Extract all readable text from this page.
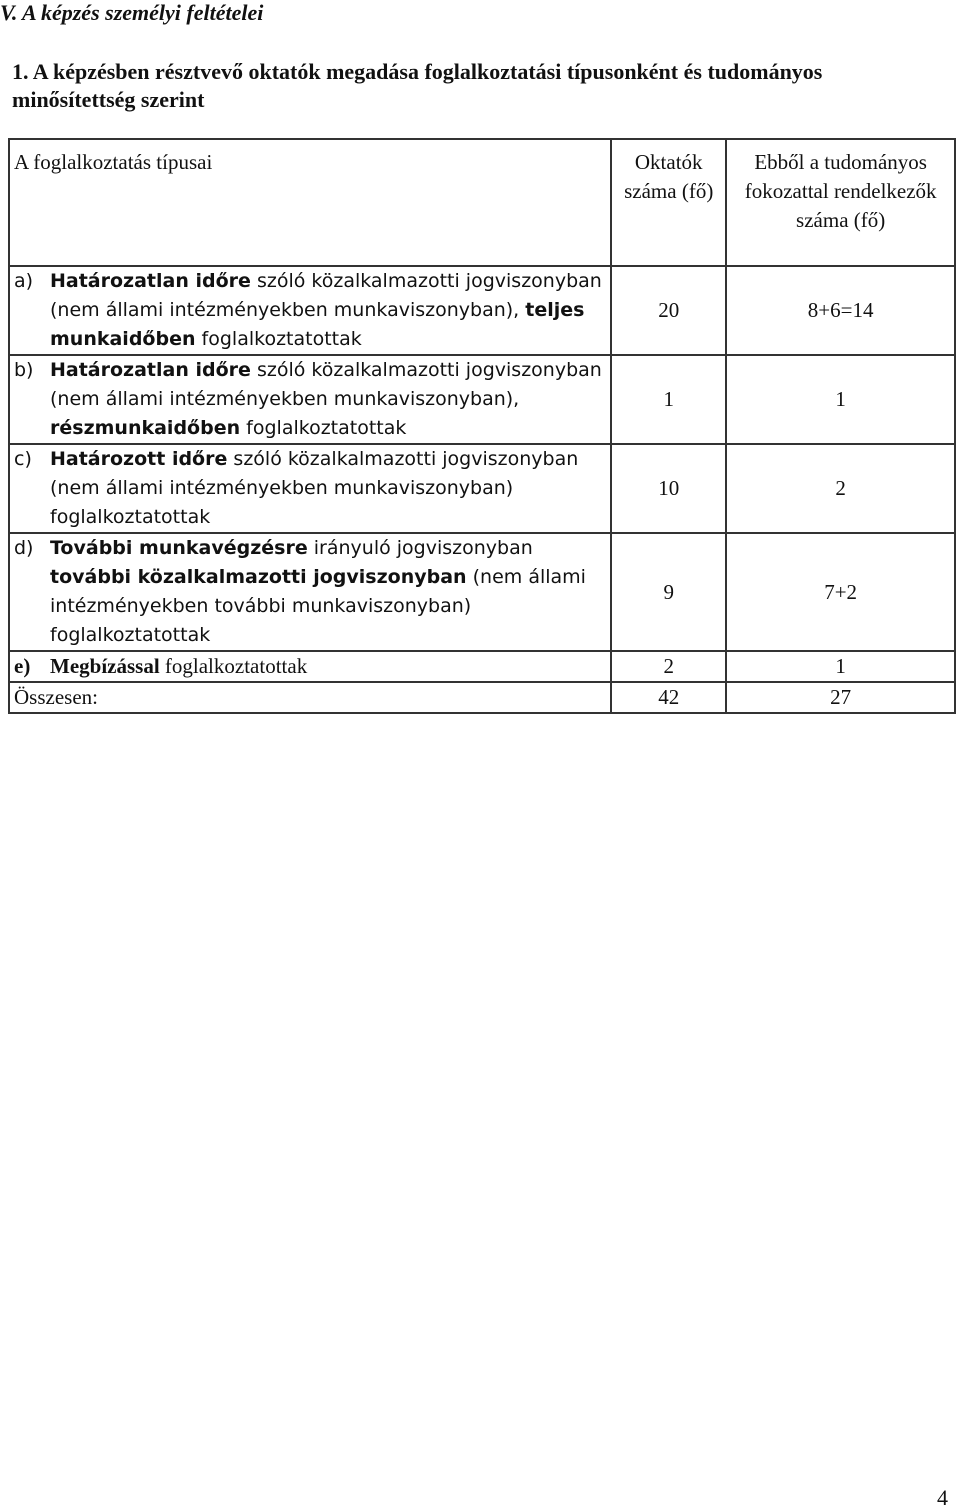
V. A képzés személyi feltételei

1. A képzésben résztvevő oktatók megadása foglalkoztatási típusonként és tudományos minősítettség szerint

A foglalkoztatás típusai	Oktatók száma (fő)	Ebből a tudományos fokozattal rendelkezők száma (fő)

a) Határozatlan időre szóló közalkalmazotti jogviszonyban (nem állami intézményekben munkaviszonyban), teljes munkaidőben foglalkoztatottak	20	8+6=14

b) Határozatlan időre szóló közalkalmazotti jogviszonyban (nem állami intézményekben munkaviszonyban), részmunkaidőben foglalkoztatottak	1	1

c) Határozott időre szóló közalkalmazotti jogviszonyban (nem állami intézményekben munkaviszonyban) foglalkoztatottak	10	2

d) További munkavégzésre irányuló jogviszonyban további közalkalmazotti jogviszonyban (nem állami intézményekben további munkaviszonyban) foglalkoztatottak	9	7+2
e) Megbízással foglalkoztatottak	2	1
Összesen:	42	27
4
